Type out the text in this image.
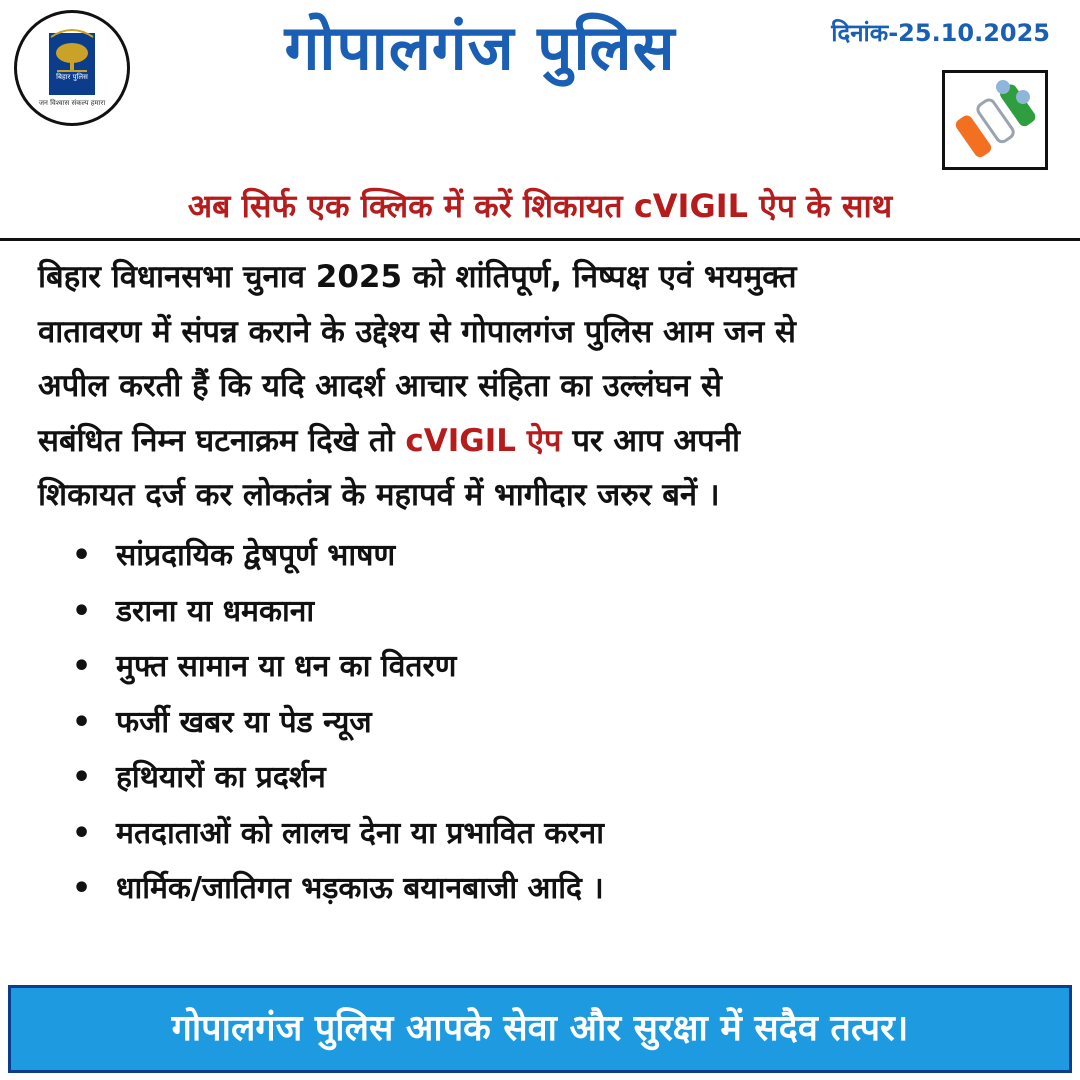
बिहार पुलिस
जन विश्वास संकल्प हमारा
गोपालगंज पुलिस	दिनांक-25.10.2025
अब सिर्फ एक क्लिक में करें शिकायत cVIGIL ऐप के साथ
बिहार विधानसभा चुनाव 2025 को शांतिपूर्ण, निष्पक्ष एवं भयमुक्त
वातावरण में संपन्न कराने के उद्देश्य से गोपालगंज पुलिस आम जन से
अपील करती हैं कि यदि आदर्श आचार संहिता का उल्लंघन से
सबंधित निम्न घटनाक्रम दिखे तो cVIGIL ऐप पर आप अपनी
शिकायत दर्ज कर लोकतंत्र के महापर्व में भागीदार जरुर बनें ।
• सांप्रदायिक द्वेषपूर्ण भाषण
• डराना या धमकाना
• मुफ्त सामान या धन का वितरण
• फर्जी खबर या पेड न्यूज
• हथियारों का प्रदर्शन
• मतदाताओं को लालच देना या प्रभावित करना
• धार्मिक/जातिगत भड़काऊ बयानबाजी आदि ।
गोपालगंज पुलिस आपके सेवा और सुरक्षा में सदैव तत्पर।
